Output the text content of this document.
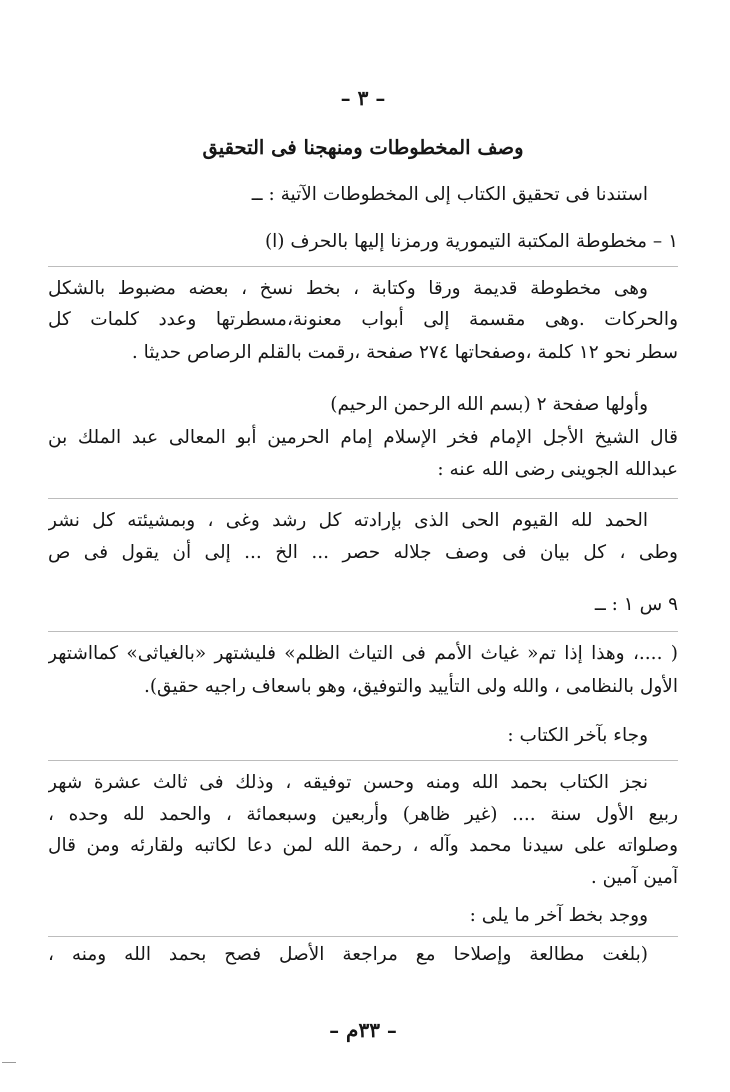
– ٣ –
وصف المخطوطات ومنهجنا فى التحقيق
استندنا فى تحقيق الكتاب إلى المخطوطات الآتية : ــ
١ – مخطوطة المكتبة التيمورية ورمزنا إليها بالحرف (ا)
وهى مخطوطة قديمة ورقا وكتابة ، بخط نسخ ، بعضه مضبوط بالشكل
والحركات .وهى مقسمة إلى أبواب معنونة،مسطرتها وعدد كلمات كل
سطر نحو ١٢ كلمة ،وصفحاتها ٢٧٤ صفحة ،رقمت بالقلم الرصاص حديثا .
وأولها صفحة ٢ (بسم الله الرحمن الرحيم)
قال الشيخ الأجل الإمام فخر الإسلام إمام الحرمين أبو المعالى عبد الملك بن
عبدالله الجوينى رضى الله عنه :
الحمد لله القيوم الحى الذى بإرادته كل رشد وغى ، وبمشيئته كل نشر
وطى ، كل بيان فى وصف جلاله حصر ... الخ ... إلى أن يقول فى ص
٩ س ١ : ــ
( ....، وهذا إذا تم« غياث الأمم فى التياث الظلم» فليشتهر «بالغياثى» كمااشتهر
الأول بالنظامى ، والله ولى التأييد والتوفيق، وهو باسعاف راجيه حقيق).
وجاء بآخر الكتاب :
نجز الكتاب بحمد الله ومنه وحسن توفيقه ، وذلك فى ثالث عشرة شهر
ربيع الأول سنة .... (غير ظاهر) وأربعين وسبعمائة ، والحمد لله وحده ،
وصلواته على سيدنا محمد وآله ، رحمة الله لمن دعا لكاتبه ولقارئه ومن قال
آمين آمين .
ووجد بخط آخر ما يلى :
(بلغت مطالعة وإصلاحا مع مراجعة الأصل فصح بحمد الله ومنه ،
– ٣٣م –
